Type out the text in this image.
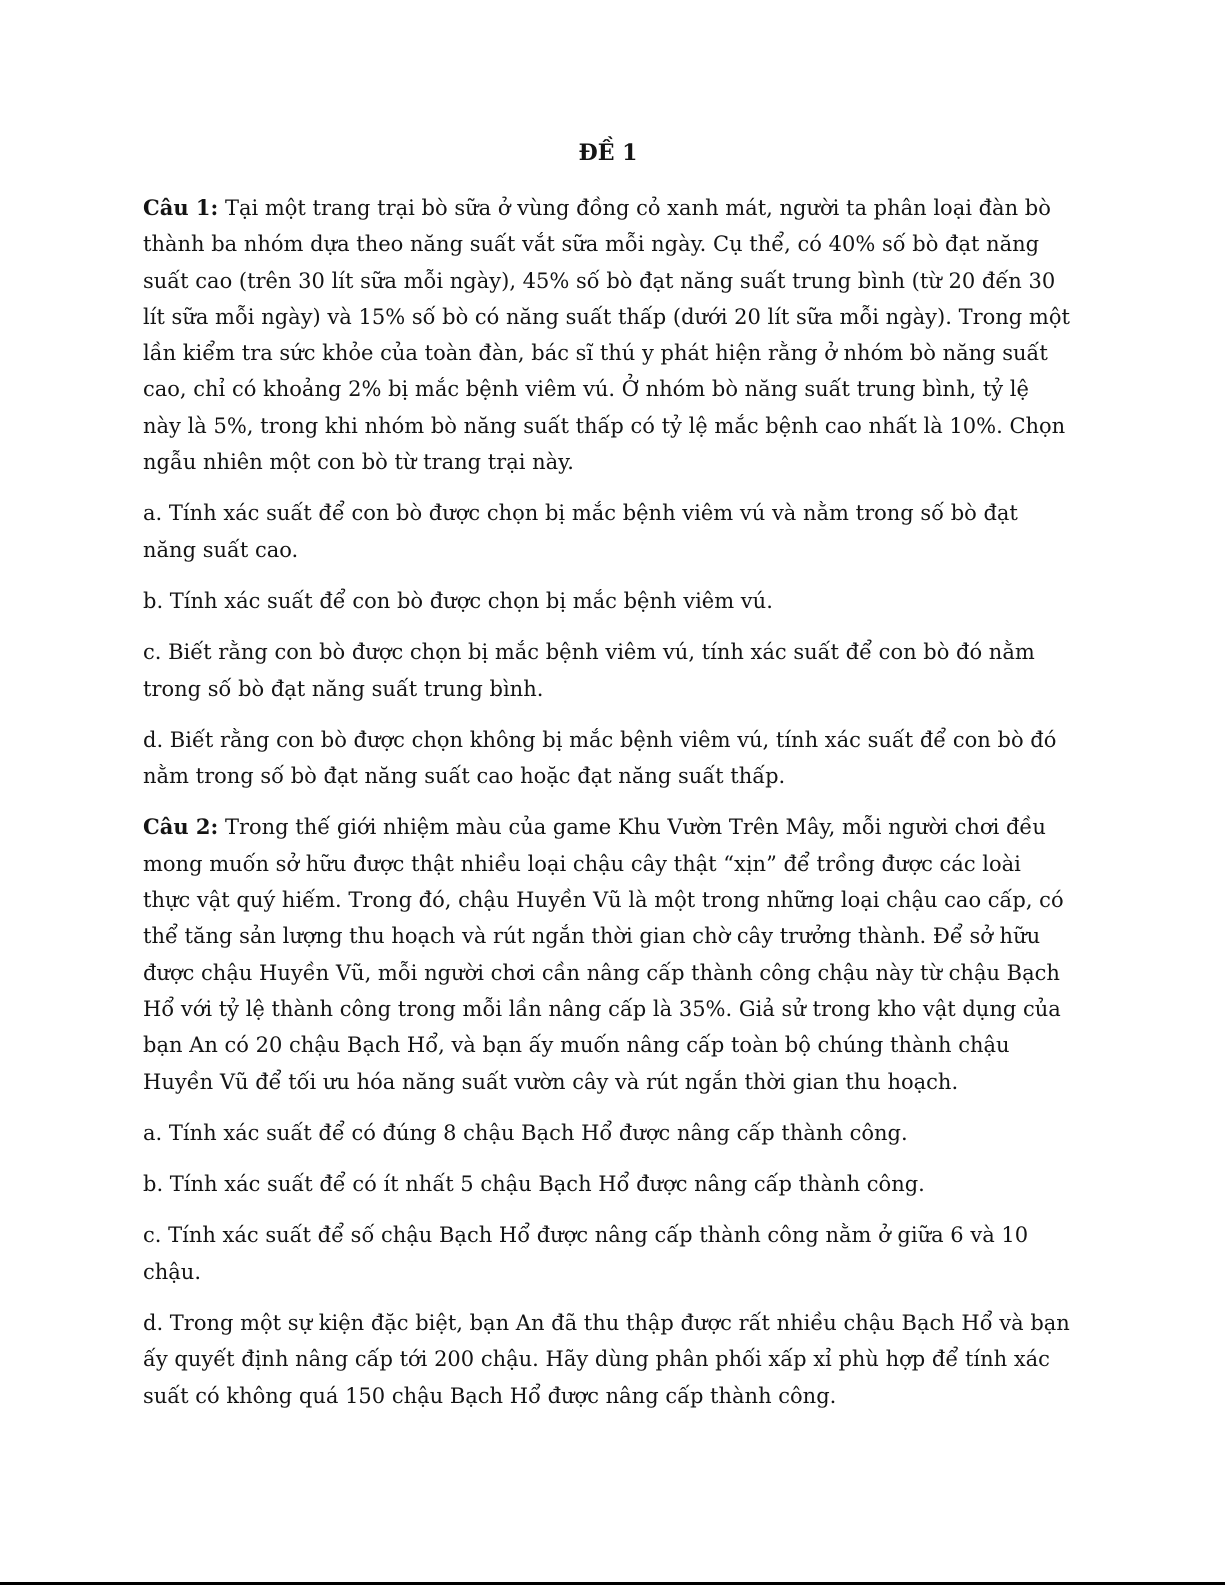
ĐỀ 1

Câu 1: Tại một trang trại bò sữa ở vùng đồng cỏ xanh mát, người ta phân loại đàn bò thành ba nhóm dựa theo năng suất vắt sữa mỗi ngày. Cụ thể, có 40% số bò đạt năng suất cao (trên 30 lít sữa mỗi ngày), 45% số bò đạt năng suất trung bình (từ 20 đến 30 lít sữa mỗi ngày) và 15% số bò có năng suất thấp (dưới 20 lít sữa mỗi ngày). Trong một lần kiểm tra sức khỏe của toàn đàn, bác sĩ thú y phát hiện rằng ở nhóm bò năng suất cao, chỉ có khoảng 2% bị mắc bệnh viêm vú. Ở nhóm bò năng suất trung bình, tỷ lệ này là 5%, trong khi nhóm bò năng suất thấp có tỷ lệ mắc bệnh cao nhất là 10%. Chọn ngẫu nhiên một con bò từ trang trại này.

a. Tính xác suất để con bò được chọn bị mắc bệnh viêm vú và nằm trong số bò đạt năng suất cao.

b. Tính xác suất để con bò được chọn bị mắc bệnh viêm vú.

c. Biết rằng con bò được chọn bị mắc bệnh viêm vú, tính xác suất để con bò đó nằm trong số bò đạt năng suất trung bình.

d. Biết rằng con bò được chọn không bị mắc bệnh viêm vú, tính xác suất để con bò đó nằm trong số bò đạt năng suất cao hoặc đạt năng suất thấp.

Câu 2: Trong thế giới nhiệm màu của game Khu Vườn Trên Mây, mỗi người chơi đều mong muốn sở hữu được thật nhiều loại chậu cây thật “xịn” để trồng được các loài thực vật quý hiếm. Trong đó, chậu Huyền Vũ là một trong những loại chậu cao cấp, có thể tăng sản lượng thu hoạch và rút ngắn thời gian chờ cây trưởng thành. Để sở hữu được chậu Huyền Vũ, mỗi người chơi cần nâng cấp thành công chậu này từ chậu Bạch Hổ với tỷ lệ thành công trong mỗi lần nâng cấp là 35%. Giả sử trong kho vật dụng của bạn An có 20 chậu Bạch Hổ, và bạn ấy muốn nâng cấp toàn bộ chúng thành chậu Huyền Vũ để tối ưu hóa năng suất vườn cây và rút ngắn thời gian thu hoạch.

a. Tính xác suất để có đúng 8 chậu Bạch Hổ được nâng cấp thành công.

b. Tính xác suất để có ít nhất 5 chậu Bạch Hổ được nâng cấp thành công.

c. Tính xác suất để số chậu Bạch Hổ được nâng cấp thành công nằm ở giữa 6 và 10 chậu.

d. Trong một sự kiện đặc biệt, bạn An đã thu thập được rất nhiều chậu Bạch Hổ và bạn ấy quyết định nâng cấp tới 200 chậu. Hãy dùng phân phối xấp xỉ phù hợp để tính xác suất có không quá 150 chậu Bạch Hổ được nâng cấp thành công.
